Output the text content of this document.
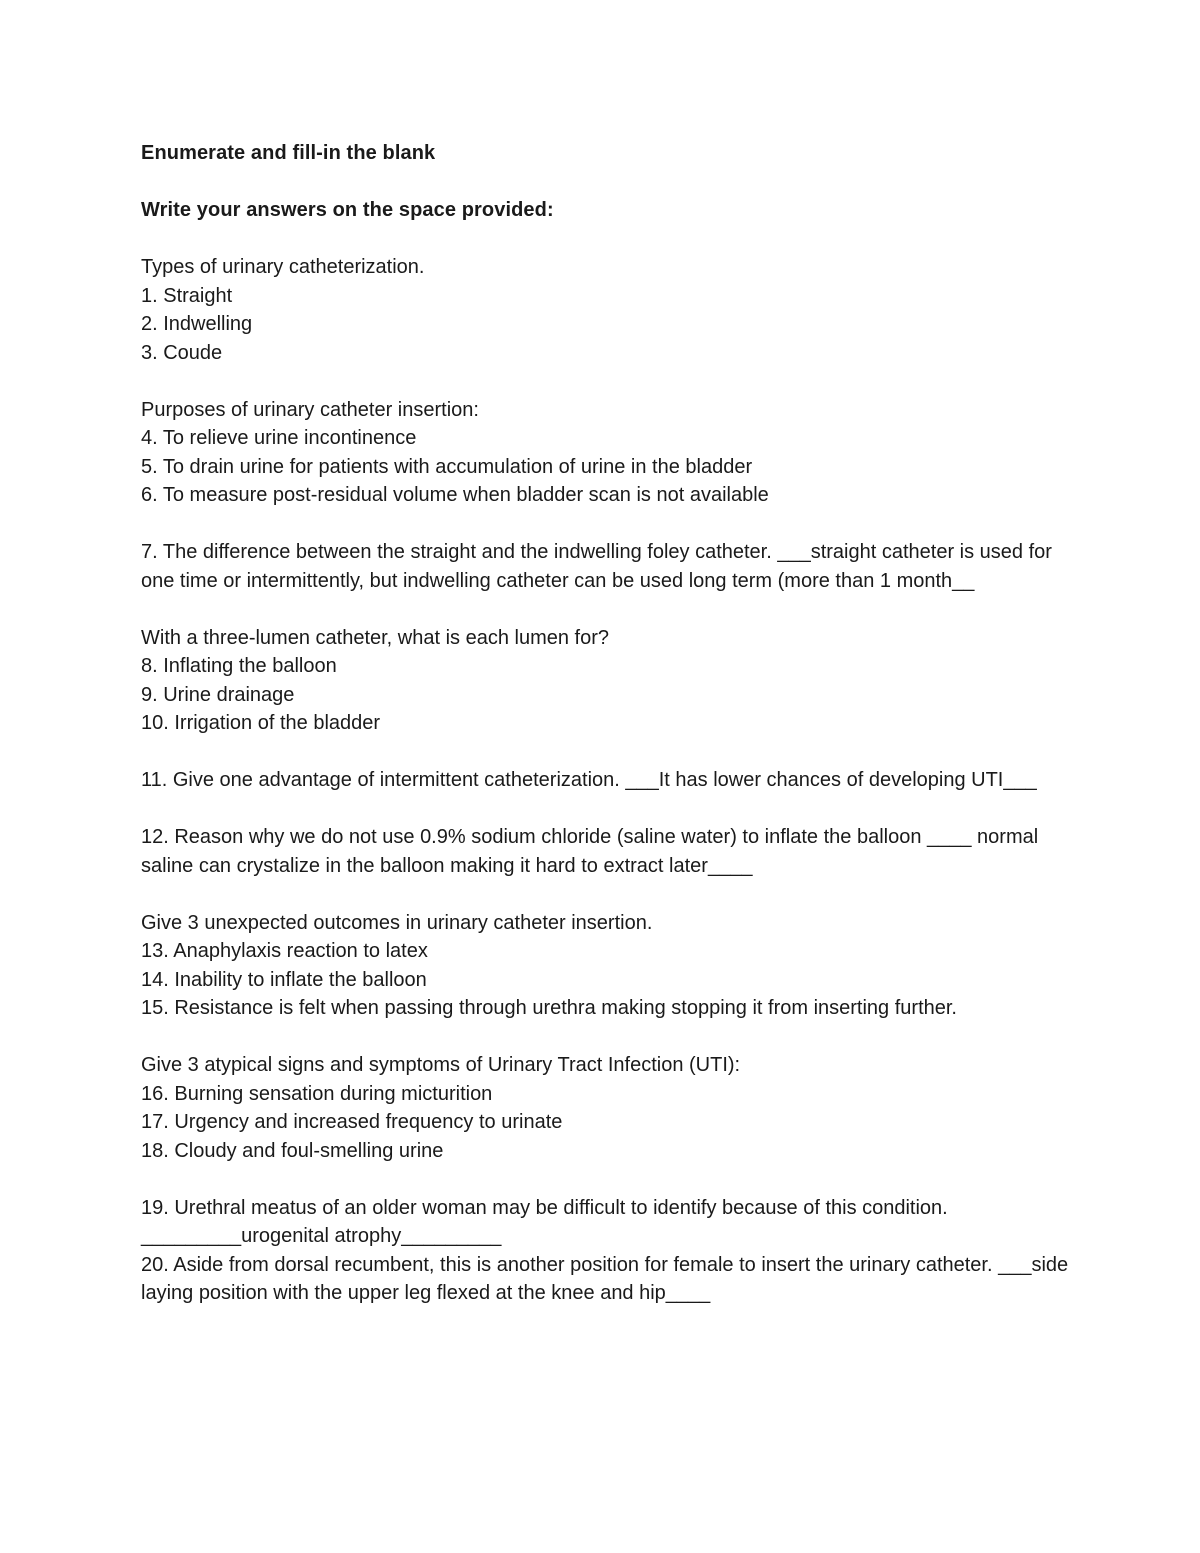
Enumerate and fill-in the blank

Write your answers on the space provided:

Types of urinary catheterization.

1. Straight

2. Indwelling

3. Coude

Purposes of urinary catheter insertion:

4. To relieve urine incontinence

5. To drain urine for patients with accumulation of urine in the bladder

6. To measure post-residual volume when bladder scan is not available

7. The difference between the straight and the indwelling foley catheter. ___straight catheter is used for one time or intermittently, but indwelling catheter can be used long term (more than 1 month__

With a three-lumen catheter, what is each lumen for?

8. Inflating the balloon

9. Urine drainage

10. Irrigation of the bladder

11. Give one advantage of intermittent catheterization. ___It has lower chances of developing UTI___

12. Reason why we do not use 0.9% sodium chloride (saline water) to inflate the balloon ____ normal saline can crystalize in the balloon making it hard to extract later____

Give 3 unexpected outcomes in urinary catheter insertion.

13. Anaphylaxis reaction to latex

14. Inability to inflate the balloon

15. Resistance is felt when passing through urethra making stopping it from inserting further.

Give 3 atypical signs and symptoms of Urinary Tract Infection (UTI):

16. Burning sensation during micturition

17. Urgency and increased frequency to urinate

18. Cloudy and foul-smelling urine

19. Urethral meatus of an older woman may be difficult to identify because of this condition.

_________urogenital atrophy_________

20. Aside from dorsal recumbent, this is another position for female to insert the urinary catheter. ___side laying position with the upper leg flexed at the knee and hip____
